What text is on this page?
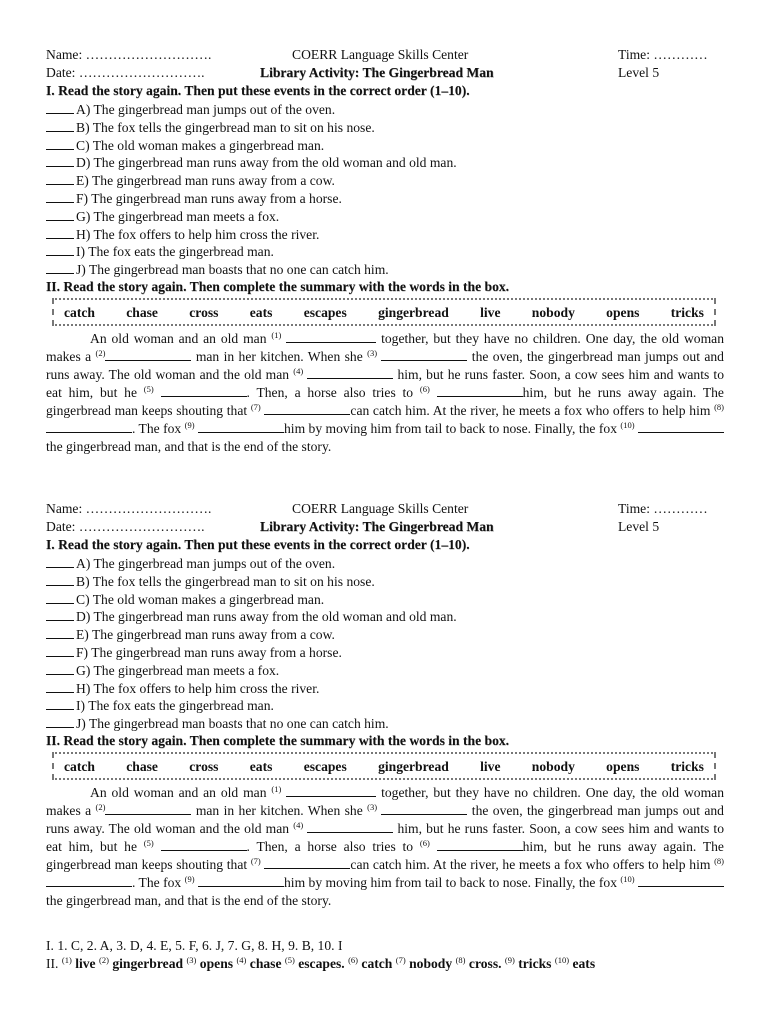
Name: ……………………….	COERR Language Skills Center	Time: …………
Date: ……………………….	Library Activity: The Gingerbread Man	Level 5
I. Read the story again. Then put these events in the correct order (1–10).
A) The gingerbread man jumps out of the oven.
B) The fox tells the gingerbread man to sit on his nose.
C) The old woman makes a gingerbread man.
D) The gingerbread man runs away from the old woman and old man.
E) The gingerbread man runs away from a cow.
F) The gingerbread man runs away from a horse.
G) The gingerbread man meets a fox.
H) The fox offers to help him cross the river.
I) The fox eats the gingerbread man.
J) The gingerbread man boasts that no one can catch him.
II. Read the story again. Then complete the summary with the words in the box.
catch chase cross eats escapes gingerbread live nobody opens tricks
An old woman and an old man $^{(1)}$	together, but they have no children. One day, the old woman makes a $^{(2)}$	man in her kitchen. When she $^{(3)}$	the oven, the gingerbread man jumps out and runs away. The old woman and the old man $^{(4)}$	him, but he runs faster. Soon, a cow sees him and wants to eat him, but he $^{(5)}$	. Then, a horse also tries to $^{(6)}$	him, but he runs away again. The gingerbread man keeps shouting that $^{(7)}$	can catch him. At the river, he meets a fox who offers to help him $^{(8)}$ . The fox $^{(9)}$	him by moving him from tail to back to nose. Finally, the fox $^{(10)}$ the gingerbread man, and that is the end of the story.
Name: ……………………….	COERR Language Skills Center	Time: …………
Date: ……………………….	Library Activity: The Gingerbread Man	Level 5
I. Read the story again. Then put these events in the correct order (1–10).
A) The gingerbread man jumps out of the oven.
B) The fox tells the gingerbread man to sit on his nose.
C) The old woman makes a gingerbread man.
D) The gingerbread man runs away from the old woman and old man.
E) The gingerbread man runs away from a cow.
F) The gingerbread man runs away from a horse.
G) The gingerbread man meets a fox.
H) The fox offers to help him cross the river.
I) The fox eats the gingerbread man.
J) The gingerbread man boasts that no one can catch him.
II. Read the story again. Then complete the summary with the words in the box.
catch chase cross eats escapes gingerbread live nobody opens tricks
An old woman and an old man $^{(1)}$	together, but they have no children. One day, the old woman makes a $^{(2)}$	man in her kitchen. When she $^{(3)}$	the oven, the gingerbread man jumps out and runs away. The old woman and the old man $^{(4)}$	him, but he runs faster. Soon, a cow sees him and wants to eat him, but he $^{(5)}$	. Then, a horse also tries to $^{(6)}$	him, but he runs away again. The gingerbread man keeps shouting that $^{(7)}$	can catch him. At the river, he meets a fox who offers to help him $^{(8)}$ . The fox $^{(9)}$	him by moving him from tail to back to nose. Finally, the fox $^{(10)}$ the gingerbread man, and that is the end of the story.
I. 1. C, 2. A, 3. D, 4. E, 5. F, 6. J, 7. G, 8. H, 9. B, 10. I
II. $^{(1)}$ live $^{(2)}$ gingerbread $^{(3)}$ opens $^{(4)}$ chase $^{(5)}$ escapes. $^{(6)}$ catch $^{(7)}$ nobody $^{(8)}$ cross. $^{(9)}$ tricks $^{(10)}$ eats
